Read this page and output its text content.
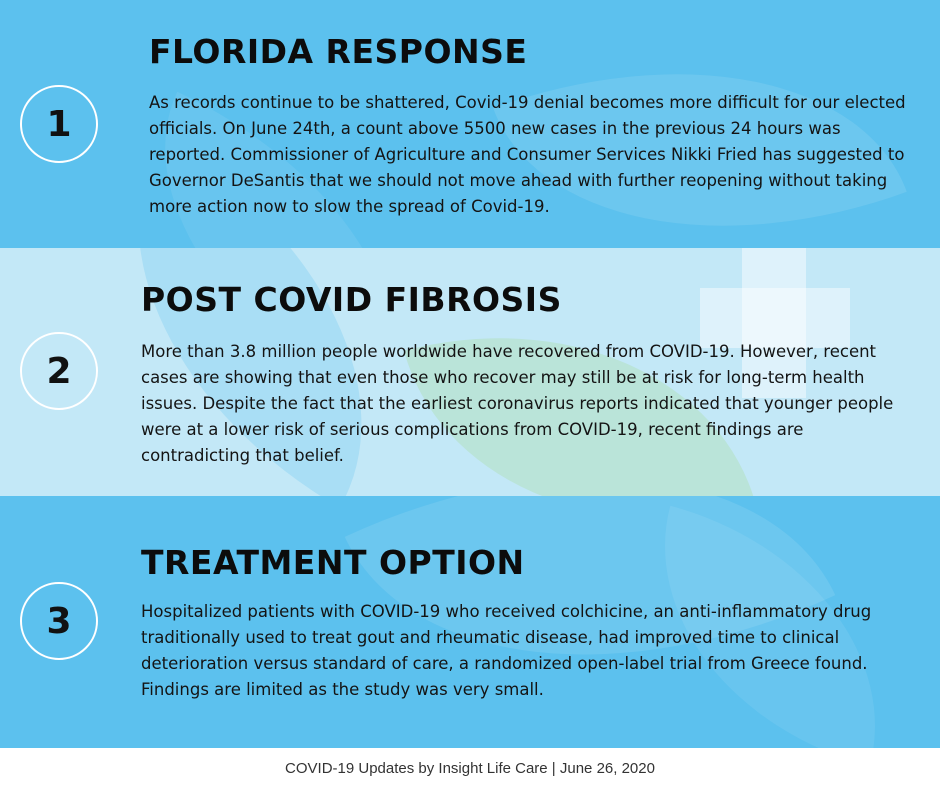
1
FLORIDA RESPONSE
As records continue to be shattered, Covid-19 denial becomes more difficult for our elected officials. On June 24th, a count above 5500 new cases in the previous 24 hours was reported. Commissioner of Agriculture and Consumer Services Nikki Fried has suggested to Governor DeSantis that we should not move ahead with further reopening without taking more action now to slow the spread of Covid-19.
2
POST COVID FIBROSIS
More than 3.8 million people worldwide have recovered from COVID-19. However, recent cases are showing that even those who recover may still be at risk for long-term health issues. Despite the fact that the earliest coronavirus reports indicated that younger people were at a lower risk of serious complications from COVID-19, recent findings are contradicting that belief.
3
TREATMENT OPTION
Hospitalized patients with COVID-19 who received colchicine, an anti-inflammatory drug traditionally used to treat gout and rheumatic disease, had improved time to clinical deterioration versus standard of care, a randomized open-label trial from Greece found. Findings are limited as the study was very small.
COVID-19 Updates by Insight Life Care | June 26, 2020
